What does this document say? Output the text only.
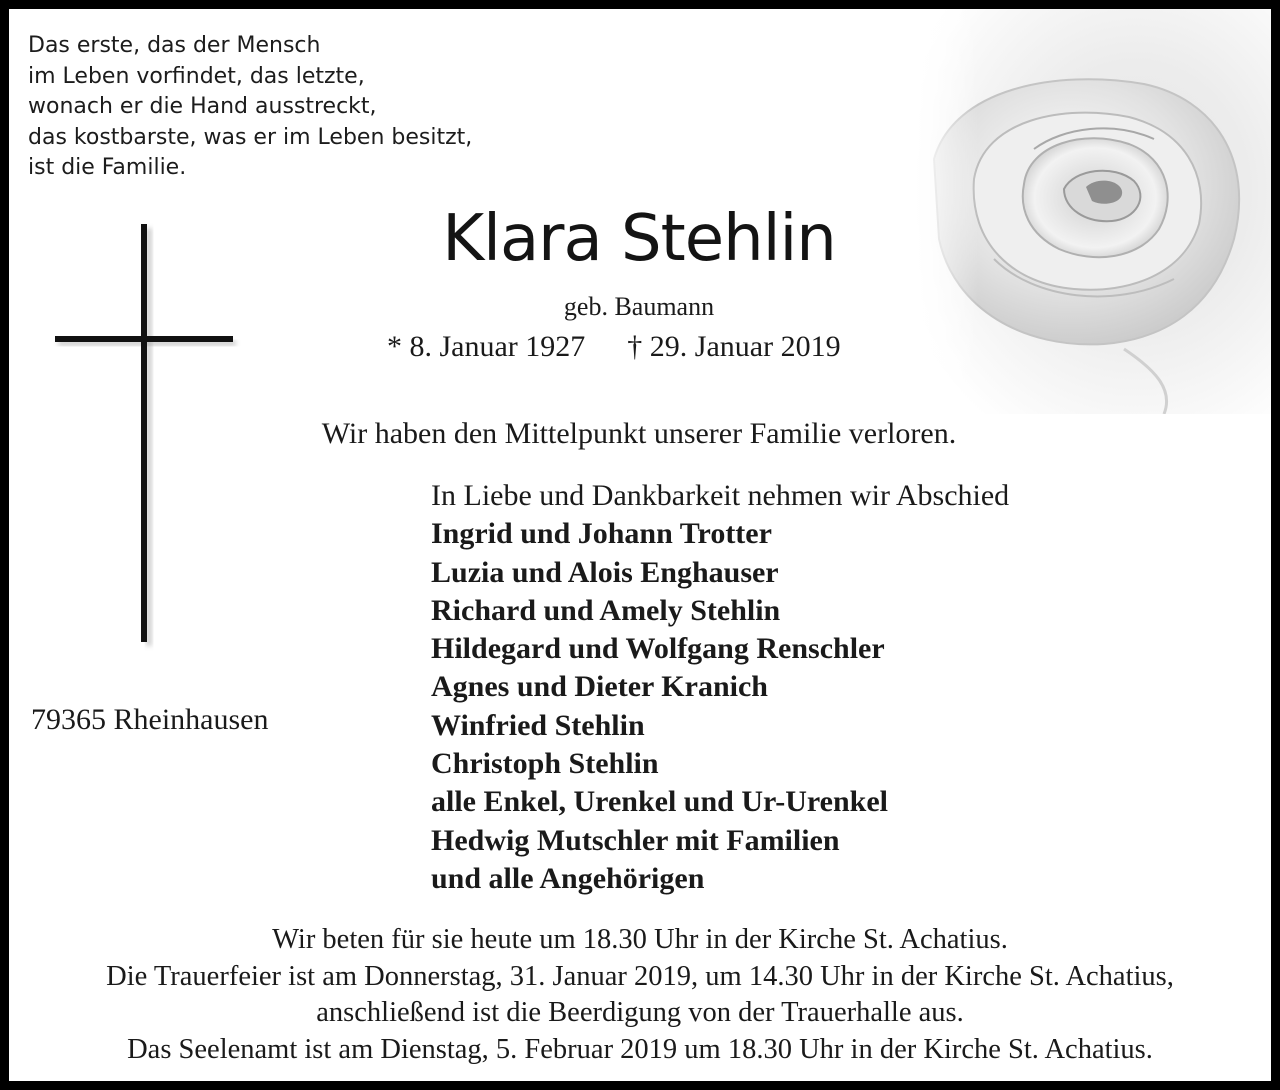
Das erste, das der Mensch
im Leben vorfindet, das letzte,
wonach er die Hand ausstreckt,
das kostbarste, was er im Leben besitzt,
ist die Familie.
Klara Stehlin
geb. Baumann
* 8. Januar 1927 † 29. Januar 2019
Wir haben den Mittelpunkt unserer Familie verloren.
In Liebe und Dankbarkeit nehmen wir Abschied
Ingrid und Johann Trotter
Luzia und Alois Enghauser
Richard und Amely Stehlin
Hildegard und Wolfgang Renschler
Agnes und Dieter Kranich
Winfried Stehlin
Christoph Stehlin
alle Enkel, Urenkel und Ur-Urenkel
Hedwig Mutschler mit Familien
und alle Angehörigen
79365 Rheinhausen
Wir beten für sie heute um 18.30 Uhr in der Kirche St. Achatius.
Die Trauerfeier ist am Donnerstag, 31. Januar 2019, um 14.30 Uhr in der Kirche St. Achatius,
anschließend ist die Beerdigung von der Trauerhalle aus.
Das Seelenamt ist am Dienstag, 5. Februar 2019 um 18.30 Uhr in der Kirche St. Achatius.
